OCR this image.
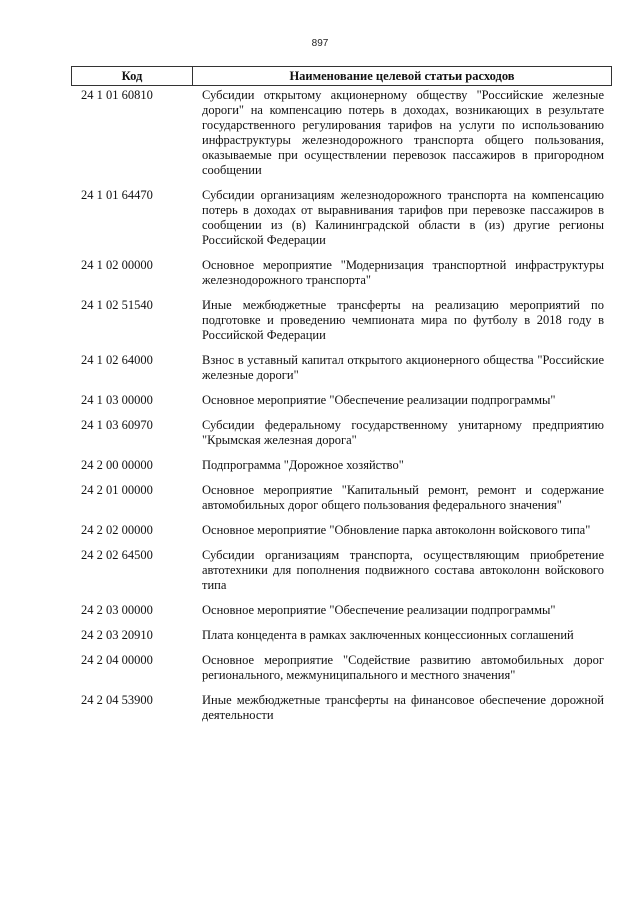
897
Код	Наименование целевой статьи расходов
24 1 01 60810	Субсидии открытому акционерному обществу "Российские железные дороги" на компенсацию потерь в доходах, возникающих в результате государственного регулирования тарифов на услуги по использованию инфраструктуры железнодорожного транспорта общего пользования, оказываемые при осуществлении перевозок пассажиров в пригородном сообщении
24 1 01 64470	Субсидии организациям железнодорожного транспорта на компенсацию потерь в доходах от выравнивания тарифов при перевозке пассажиров в сообщении из (в) Калининградской области в (из) другие регионы Российской Федерации
24 1 02 00000	Основное мероприятие "Модернизация транспортной инфраструктуры железнодорожного транспорта"
24 1 02 51540	Иные межбюджетные трансферты на реализацию мероприятий по подготовке и проведению чемпионата мира по футболу в 2018 году в Российской Федерации
24 1 02 64000	Взнос в уставный капитал открытого акционерного общества "Российские железные дороги"
24 1 03 00000	Основное мероприятие "Обеспечение реализации подпрограммы"
24 1 03 60970	Субсидии федеральному государственному унитарному предприятию "Крымская железная дорога"
24 2 00 00000	Подпрограмма "Дорожное хозяйство"
24 2 01 00000	Основное мероприятие "Капитальный ремонт, ремонт и содержание автомобильных дорог общего пользования федерального значения"
24 2 02 00000	Основное мероприятие "Обновление парка автоколонн войскового типа"
24 2 02 64500	Субсидии организациям транспорта, осуществляющим приобретение автотехники для пополнения подвижного состава автоколонн войскового типа
24 2 03 00000	Основное мероприятие "Обеспечение реализации подпрограммы"
24 2 03 20910	Плата концедента в рамках заключенных концессионных соглашений
24 2 04 00000	Основное мероприятие "Содействие развитию автомобильных дорог регионального, межмуниципального и местного значения"
24 2 04 53900	Иные межбюджетные трансферты на финансовое обеспечение дорожной деятельности
